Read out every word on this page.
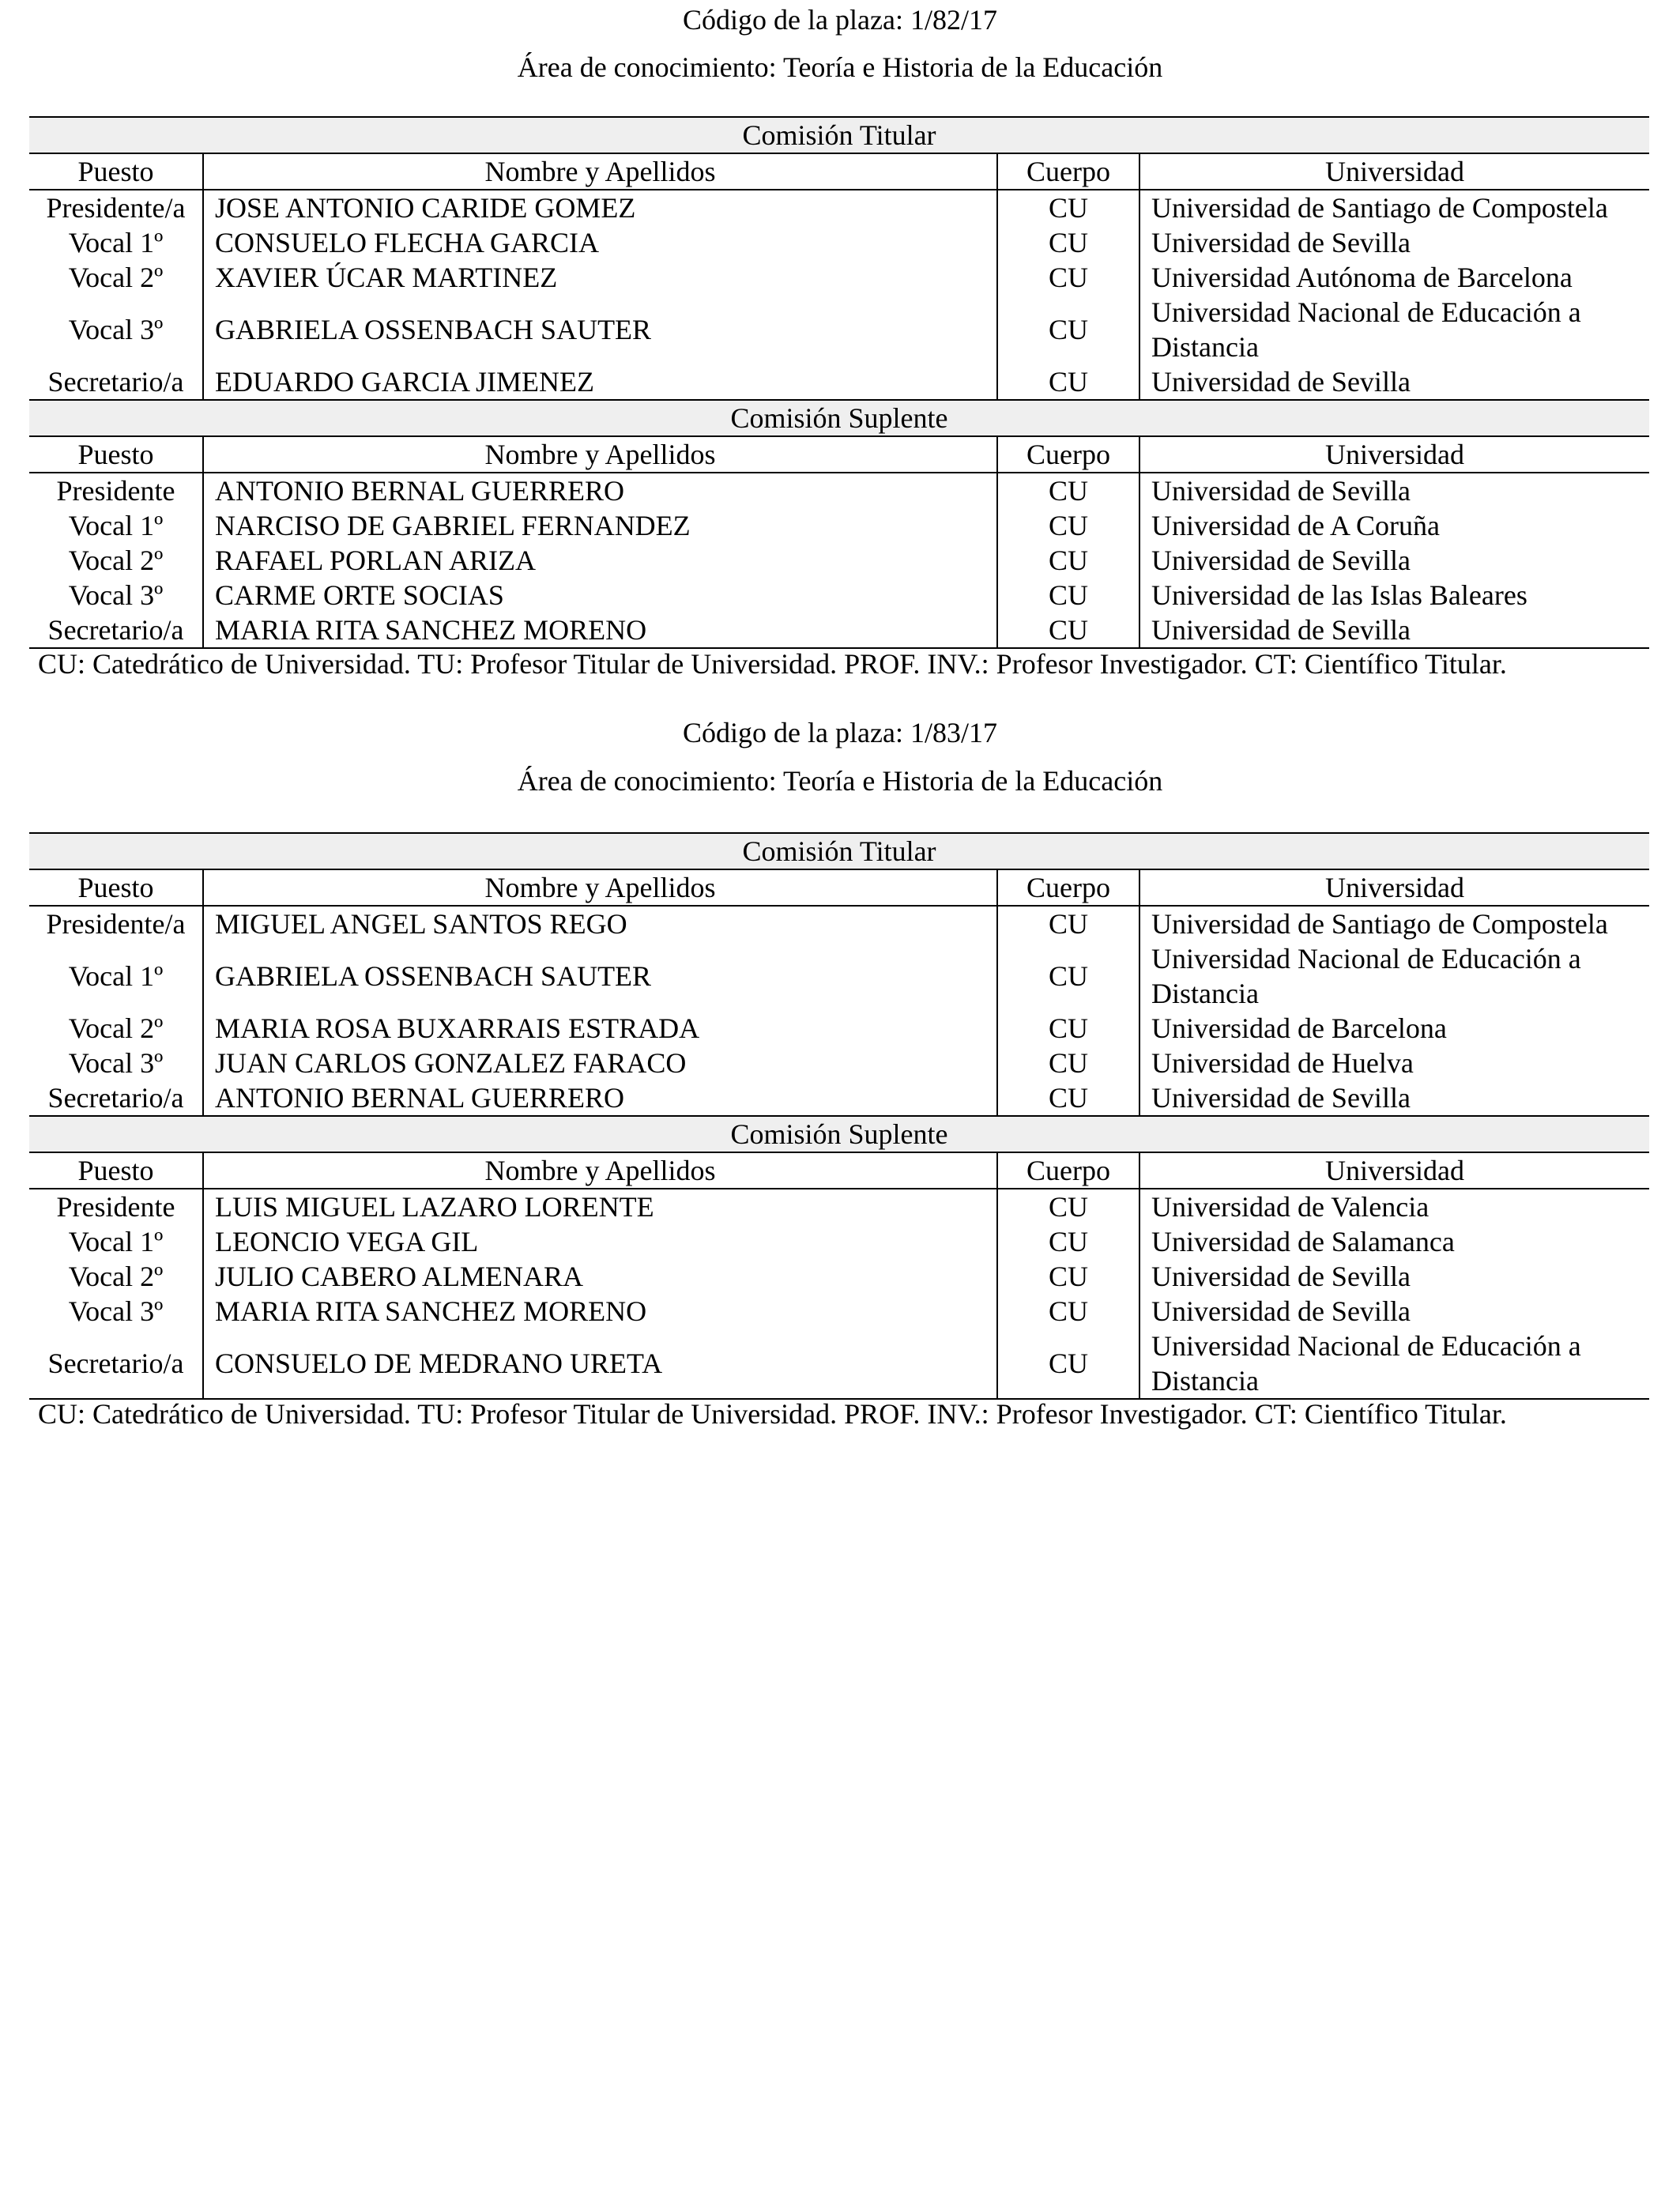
Código de la plaza: 1/82/17
Área de conocimiento: Teoría e Historia de la Educación
Comisión Titular			
Puesto	Nombre y Apellidos	Cuerpo	Universidad
Presidente/a	JOSE ANTONIO CARIDE GOMEZ	CU	Universidad de Santiago de Compostela
Vocal 1º	CONSUELO FLECHA GARCIA	CU	Universidad de Sevilla
Vocal 2º	XAVIER ÚCAR MARTINEZ	CU	Universidad Autónoma de Barcelona
Vocal 3º	GABRIELA OSSENBACH SAUTER	CU	Universidad Nacional de Educación a Distancia
Secretario/a	EDUARDO GARCIA JIMENEZ	CU	Universidad de Sevilla
Comisión Suplente			
Puesto	Nombre y Apellidos	Cuerpo	Universidad
Presidente	ANTONIO BERNAL GUERRERO	CU	Universidad de Sevilla
Vocal 1º	NARCISO DE GABRIEL FERNANDEZ	CU	Universidad de A Coruña
Vocal 2º	RAFAEL PORLAN ARIZA	CU	Universidad de Sevilla
Vocal 3º	CARME ORTE SOCIAS	CU	Universidad de las Islas Baleares
Secretario/a	MARIA RITA SANCHEZ MORENO	CU	Universidad de Sevilla
CU: Catedrático de Universidad. TU: Profesor Titular de Universidad. PROF. INV.: Profesor Investigador. CT: Científico Titular.
Código de la plaza: 1/83/17
Área de conocimiento: Teoría e Historia de la Educación
Comisión Titular			
Puesto	Nombre y Apellidos	Cuerpo	Universidad
Presidente/a	MIGUEL ANGEL SANTOS REGO	CU	Universidad de Santiago de Compostela
Vocal 1º	GABRIELA OSSENBACH SAUTER	CU	Universidad Nacional de Educación a Distancia
Vocal 2º	MARIA ROSA BUXARRAIS ESTRADA	CU	Universidad de Barcelona
Vocal 3º	JUAN CARLOS GONZALEZ FARACO	CU	Universidad de Huelva
Secretario/a	ANTONIO BERNAL GUERRERO	CU	Universidad de Sevilla
Comisión Suplente			
Puesto	Nombre y Apellidos	Cuerpo	Universidad
Presidente	LUIS MIGUEL LAZARO LORENTE	CU	Universidad de Valencia
Vocal 1º	LEONCIO VEGA GIL	CU	Universidad de Salamanca
Vocal 2º	JULIO CABERO ALMENARA	CU	Universidad de Sevilla
Vocal 3º	MARIA RITA SANCHEZ MORENO	CU	Universidad de Sevilla
Secretario/a	CONSUELO DE MEDRANO URETA	CU	Universidad Nacional de Educación a Distancia
CU: Catedrático de Universidad. TU: Profesor Titular de Universidad. PROF. INV.: Profesor Investigador. CT: Científico Titular.
